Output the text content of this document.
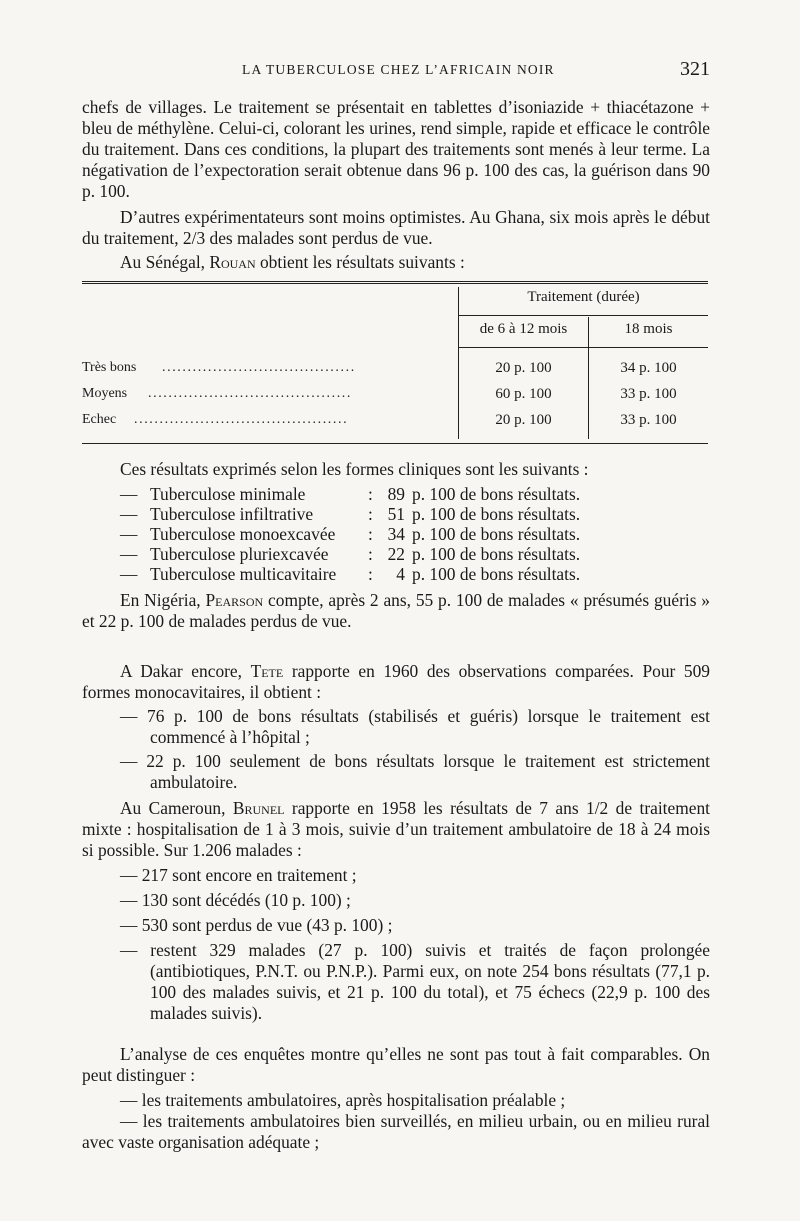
LA TUBERCULOSE CHEZ L’AFRICAIN NOIR	321

chefs de villages. Le traitement se présentait en tablettes d’isoniazide + thiacétazone + bleu de méthylène. Celui-ci, colorant les urines, rend simple, rapide et efficace le contrôle du traitement. Dans ces conditions, la plupart des traitements sont menés à leur terme. La négativation de l’expectoration serait obtenue dans 96 p. 100 des cas, la guérison dans 90 p. 100.

D’autres expérimentateurs sont moins optimistes. Au Ghana, six mois après le début du traitement, 2/3 des malades sont perdus de vue.

Au Sénégal, Rouan obtient les résultats suivants :

Traitement (durée)
de 6 à 12 mois	18 mois
Très bons ......................................	20 p. 100	34 p. 100
Moyens ........................................	60 p. 100	33 p. 100
Echec ..........................................	20 p. 100	33 p. 100

Ces résultats exprimés selon les formes cliniques sont les suivants :

— Tuberculose minimale	: 89 p. 100 de bons résultats.
— Tuberculose infiltrative	: 51 p. 100 de bons résultats.
— Tuberculose monoexcavée : 34 p. 100 de bons résultats.
— Tuberculose pluriexcavée : 22 p. 100 de bons résultats.
— Tuberculose multicavitaire :	4 p. 100 de bons résultats.

En Nigéria, Pearson compte, après 2 ans, 55 p. 100 de malades « présumés guéris » et 22 p. 100 de malades perdus de vue.

A Dakar encore, Tete rapporte en 1960 des observations comparées. Pour 509 formes monocavitaires, il obtient :

— 76 p. 100 de bons résultats (stabilisés et guéris) lorsque le traitement est commencé à l’hôpital ;

— 22 p. 100 seulement de bons résultats lorsque le traitement est strictement ambulatoire.

Au Cameroun, Brunel rapporte en 1958 les résultats de 7 ans 1/2 de traitement mixte : hospitalisation de 1 à 3 mois, suivie d’un traitement ambulatoire de 18 à 24 mois si possible. Sur 1.206 malades :

— 217 sont encore en traitement ;

— 130 sont décédés (10 p. 100) ;

— 530 sont perdus de vue (43 p. 100) ;

— restent 329 malades (27 p. 100) suivis et traités de façon prolongée (antibiotiques, P.N.T. ou P.N.P.). Parmi eux, on note 254 bons résultats (77,1 p. 100 des malades suivis, et 21 p. 100 du total), et 75 échecs (22,9 p. 100 des malades suivis).

L’analyse de ces enquêtes montre qu’elles ne sont pas tout à fait comparables. On peut distinguer :

— les traitements ambulatoires, après hospitalisation préalable ;

— les traitements ambulatoires bien surveillés, en milieu urbain, ou en milieu rural avec vaste organisation adéquate ;
